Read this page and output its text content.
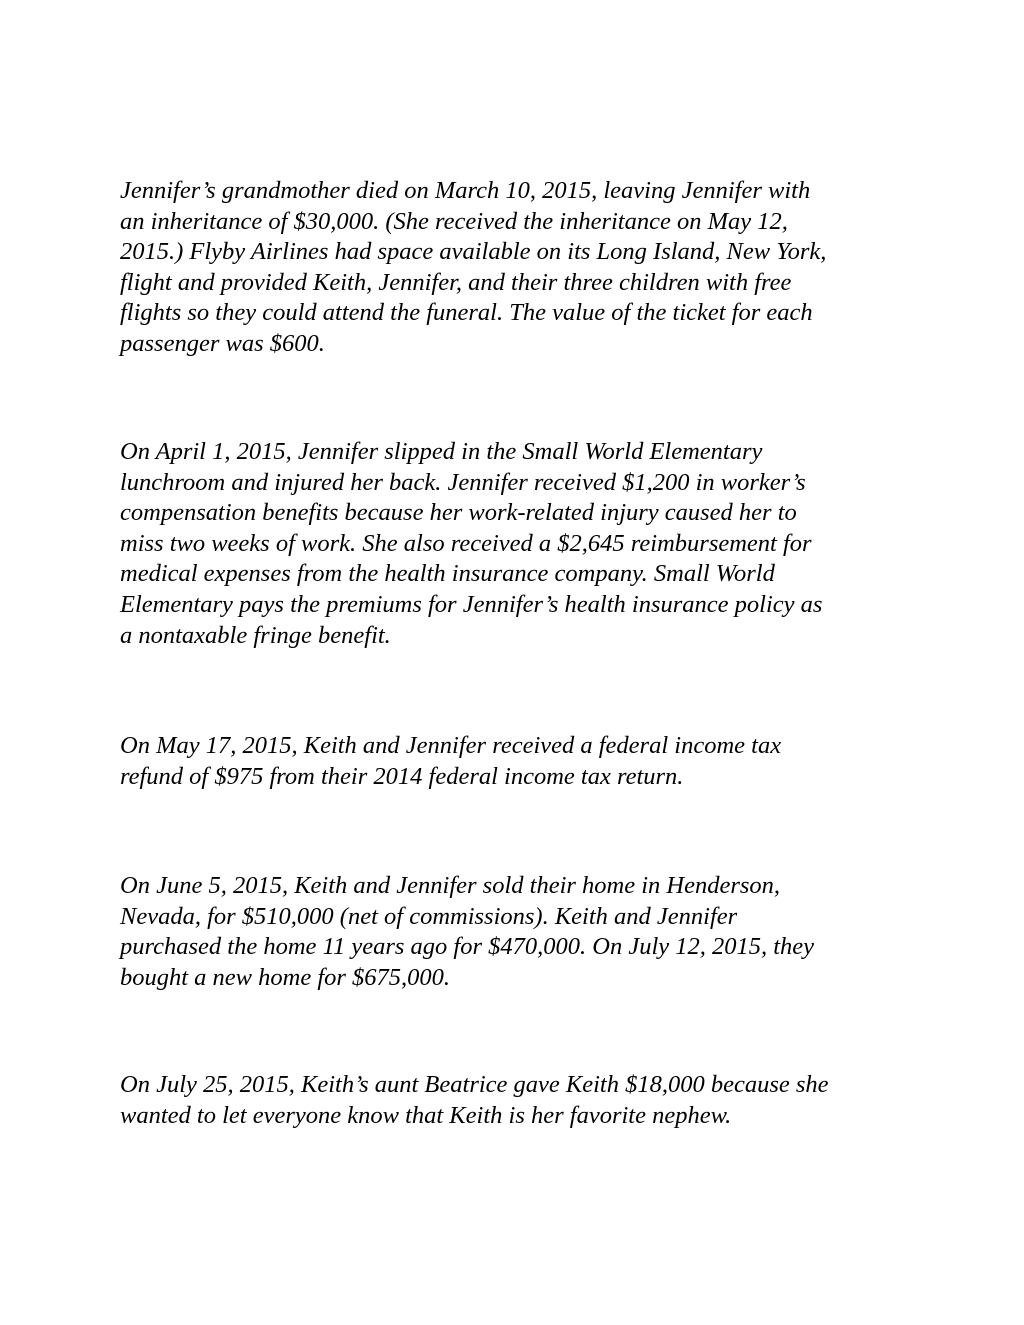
Jennifer’s grandmother died on March 10, 2015, leaving Jennifer with
an inheritance of $30,000. (She received the inheritance on May 12,
2015.) Flyby Airlines had space available on its Long Island, New York,
flight and provided Keith, Jennifer, and their three children with free
flights so they could attend the funeral. The value of the ticket for each
passenger was $600.

On April 1, 2015, Jennifer slipped in the Small World Elementary
lunchroom and injured her back. Jennifer received $1,200 in worker’s
compensation benefits because her work-related injury caused her to
miss two weeks of work. She also received a $2,645 reimbursement for
medical expenses from the health insurance company. Small World
Elementary pays the premiums for Jennifer’s health insurance policy as
a nontaxable fringe benefit.

On May 17, 2015, Keith and Jennifer received a federal income tax
refund of $975 from their 2014 federal income tax return.

On June 5, 2015, Keith and Jennifer sold their home in Henderson,
Nevada, for $510,000 (net of commissions). Keith and Jennifer
purchased the home 11 years ago for $470,000. On July 12, 2015, they
bought a new home for $675,000.

On July 25, 2015, Keith’s aunt Beatrice gave Keith $18,000 because she
wanted to let everyone know that Keith is her favorite nephew.
